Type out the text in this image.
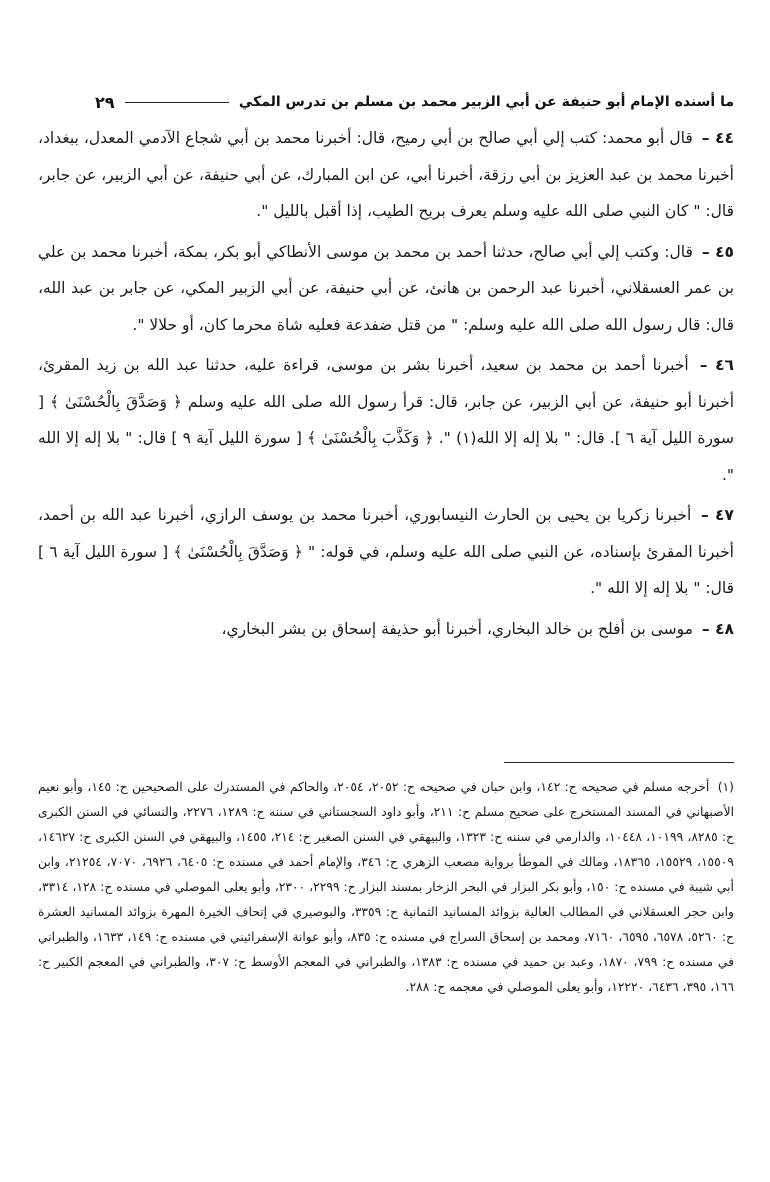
ما أسنده الإمام أبو حنيفة عن أبي الزبير محمد بن مسلم بن تدرس المكي
٢٩

٤٤ – قال أبو محمد: كتب إلي أبي صالح بن أبي رميح، قال: أخبرنا محمد بن أبي شجاع الآدمي المعدل، ببغداد، أخبرنا محمد بن عبد العزيز بن أبي رزقة، أخبرنا أبي، عن ابن المبارك، عن أبي حنيفة، عن أبي الزبير، عن جابر، قال: " كان النبي صلى الله عليه وسلم يعرف بريح الطيب، إذا أقبل بالليل ".

٤٥ – قال: وكتب إلي أبي صالح، حدثنا أحمد بن محمد بن موسى الأنطاكي أبو بكر، بمكة، أخبرنا محمد بن علي بن عمر العسقلاني، أخبرنا عبد الرحمن بن هانئ، عن أبي حنيفة، عن أبي الزبير المكي، عن جابر بن عبد الله، قال: قال رسول الله صلى الله عليه وسلم: " من قتل ضفدعة فعليه شاة محرما كان، أو حلالا ".

٤٦ – أخبرنا أحمد بن محمد بن سعيد، أخبرنا بشر بن موسى، قراءة عليه، حدثنا عبد الله بن زيد المقرئ، أخبرنا أبو حنيفة، عن أبي الزبير، عن جابر، قال: قرأ رسول الله صلى الله عليه وسلم ﴿ وَصَدَّقَ بِالْحُسْنَىٰ ﴾ [ سورة الليل آية ٦ ]. قال: " بلا إله إلا الله(١) ". ﴿ وَكَذَّبَ بِالْحُسْنَىٰ ﴾ [ سورة الليل آية ٩ ] قال: " بلا إله إلا الله ".

٤٧ – أخبرنا زكريا بن يحيى بن الحارث النيسابوري، أخبرنا محمد بن يوسف الرازي، أخبرنا عبد الله بن أحمد، أخبرنا المقرئ بإسناده، عن النبي صلى الله عليه وسلم، في قوله: " ﴿ وَصَدَّقَ بِالْحُسْنَىٰ ﴾ [ سورة الليل آية ٦ ] قال: " بلا إله إلا الله ".

٤٨ – موسى بن أفلح بن خالد البخاري، أخبرنا أبو حذيفة إسحاق بن بشر البخاري،

(١) أخرجه مسلم في صحيحه ح: ١٤٢، وابن حبان في صحيحه ح: ٢٠٥٢، ٢٠٥٤، والحاكم في المستدرك على الصحيحين ح: ١٤٥، وأبو نعيم الأصبهاني في المسند المستخرج على صحيح مسلم ح: ٢١١، وأبو داود السجستاني في سننه ح: ١٢٨٩، ٢٢٧٦، والنسائي في السنن الكبرى ح: ٨٢٨٥، ١٠١٩٩، ١٠٤٤٨، والدارمي في سننه ح: ١٣٢٣، والبيهقي في السنن الصغير ح: ٢١٤، ١٤٥٥، والبيهقي في السنن الكبرى ح: ١٤٦٢٧، ١٥٥٠٩، ١٥٥٢٩، ١٨٣٦٥، ومالك في الموطأ برواية مصعب الزهري ح: ٣٤٦، والإمام أحمد في مسنده ح: ٦٤٠٥، ٦٩٢٦، ٧٠٧٠، ٢١٢٥٤، وابن أبي شيبة في مسنده ح: ١٥٠، وأبو بكر البزار في البحر الزخار بمسند البزار ح: ٢٢٩٩، ٢٣٠٠، وأبو يعلى الموصلي في مسنده ح: ١٢٨، ٣٣١٤، وابن حجر العسقلاني في المطالب العالية بزوائد المسانيد الثمانية ح: ٣٣٥٩، والبوصيري في إتحاف الخيرة المهرة بزوائد المسانيد العشرة ح: ٥٢٦٠، ٦٥٧٨، ٦٥٩٥، ٧١٦٠، ومحمد بن إسحاق السراج في مسنده ح: ٨٣٥، وأبو عوانة الإسفرائيني في مسنده ح: ١٤٩، ١٦٣٣، والطبراني في مسنده ح: ٧٩٩، ١٨٧٠، وعبد بن حميد في مسنده ح: ١٣٨٣، والطبراني في المعجم الأوسط ح: ٣٠٧، والطبراني في المعجم الكبير ح: ١٦٦، ٣٩٥، ٦٤٣٦، ١٢٢٢٠، وأبو يعلى الموصلي في معجمه ح: ٢٨٨.
